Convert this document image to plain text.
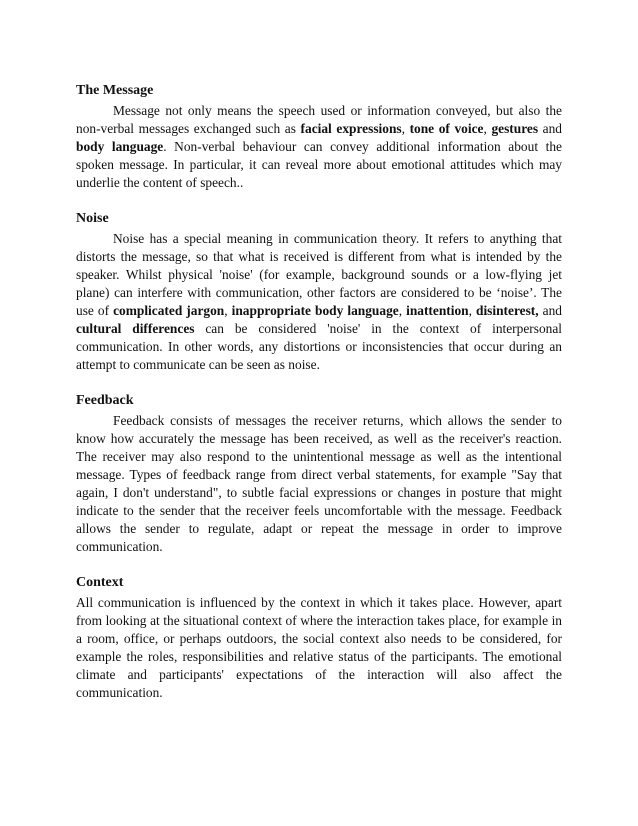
The Message

Message not only means the speech used or information conveyed, but also the non-verbal messages exchanged such as facial expressions, tone of voice, gestures and body language. Non-verbal behaviour can convey additional information about the spoken message. In particular, it can reveal more about emotional attitudes which may underlie the content of speech..

Noise

Noise has a special meaning in communication theory. It refers to anything that distorts the message, so that what is received is different from what is intended by the speaker. Whilst physical 'noise' (for example, background sounds or a low-flying jet plane) can interfere with communication, other factors are considered to be ‘noise’. The use of complicated jargon, inappropriate body language, inattention, disinterest, and cultural differences can be considered 'noise' in the context of interpersonal communication. In other words, any distortions or inconsistencies that occur during an attempt to communicate can be seen as noise.

Feedback

Feedback consists of messages the receiver returns, which allows the sender to know how accurately the message has been received, as well as the receiver's reaction. The receiver may also respond to the unintentional message as well as the intentional message. Types of feedback range from direct verbal statements, for example "Say that again, I don't understand", to subtle facial expressions or changes in posture that might indicate to the sender that the receiver feels uncomfortable with the message. Feedback allows the sender to regulate, adapt or repeat the message in order to improve communication.

Context

All communication is influenced by the context in which it takes place. However, apart from looking at the situational context of where the interaction takes place, for example in a room, office, or perhaps outdoors, the social context also needs to be considered, for example the roles, responsibilities and relative status of the participants. The emotional climate and participants' expectations of the interaction will also affect the communication.
